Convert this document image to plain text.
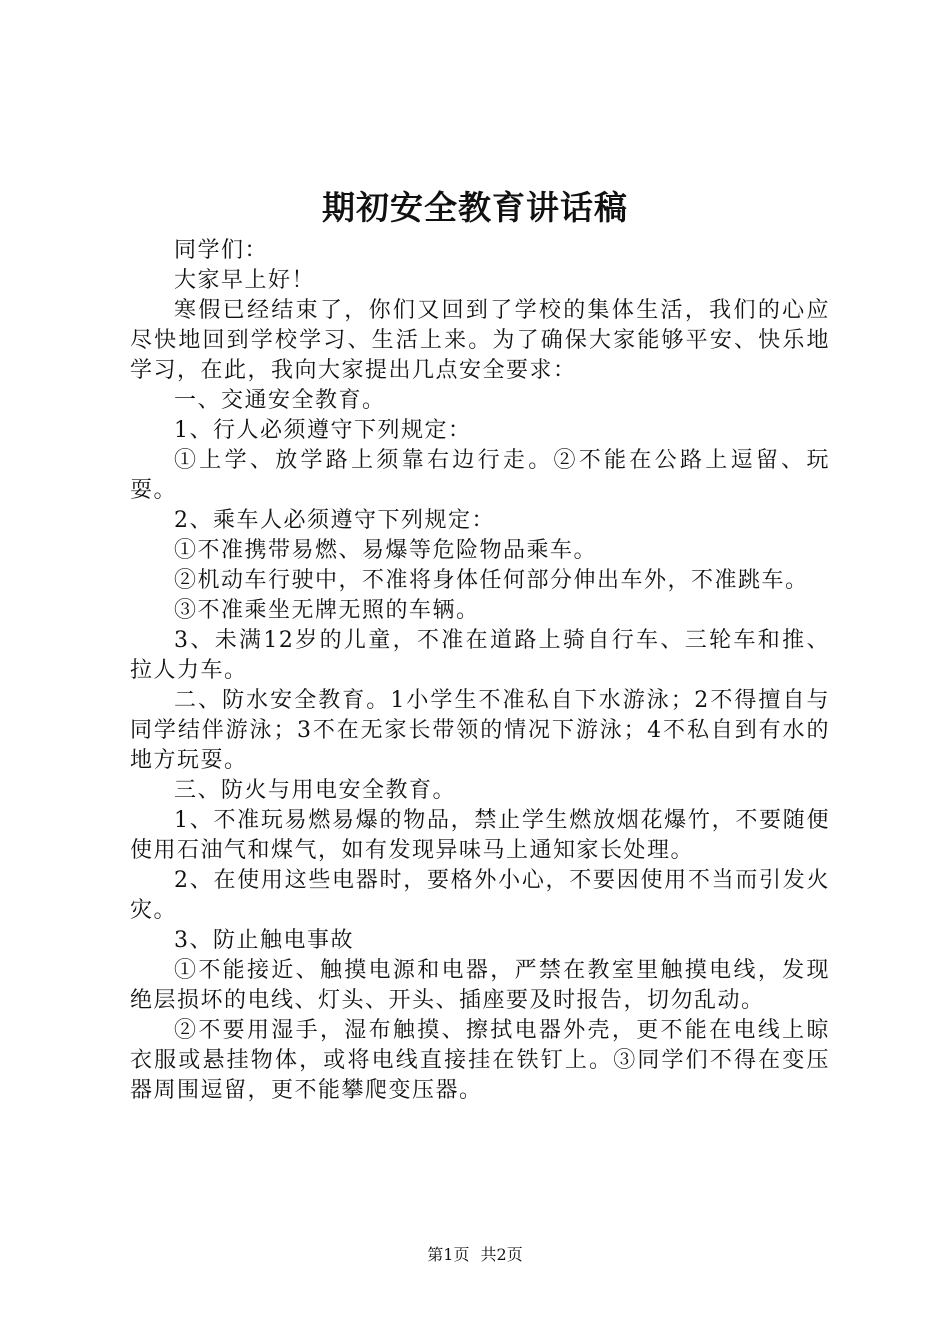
期初安全教育讲话稿

同学们：

大家早上好！

寒假已经结束了，你们又回到了学校的集体生活，我们的心应尽快地回到学校学习、生活上来。为了确保大家能够平安、快乐地学习，在此，我向大家提出几点安全要求：

一、交通安全教育。

1、行人必须遵守下列规定：

①上学、放学路上须靠右边行走。②不能在公路上逗留、玩耍。

2、乘车人必须遵守下列规定：

①不准携带易燃、易爆等危险物品乘车。

②机动车行驶中，不准将身体任何部分伸出车外，不准跳车。

③不准乘坐无牌无照的车辆。

3、未满12岁的儿童，不准在道路上骑自行车、三轮车和推、拉人力车。

二、防水安全教育。1小学生不准私自下水游泳；2不得擅自与同学结伴游泳；3不在无家长带领的情况下游泳；4不私自到有水的地方玩耍。

三、防火与用电安全教育。

1、不准玩易燃易爆的物品，禁止学生燃放烟花爆竹，不要随便使用石油气和煤气，如有发现异味马上通知家长处理。

2、在使用这些电器时，要格外小心，不要因使用不当而引发火灾。

3、防止触电事故

①不能接近、触摸电源和电器，严禁在教室里触摸电线，发现绝层损坏的电线、灯头、开头、插座要及时报告，切勿乱动。

②不要用湿手，湿布触摸、擦拭电器外壳，更不能在电线上晾衣服或悬挂物体，或将电线直接挂在铁钉上。③同学们不得在变压器周围逗留，更不能攀爬变压器。

第1页 共2页
